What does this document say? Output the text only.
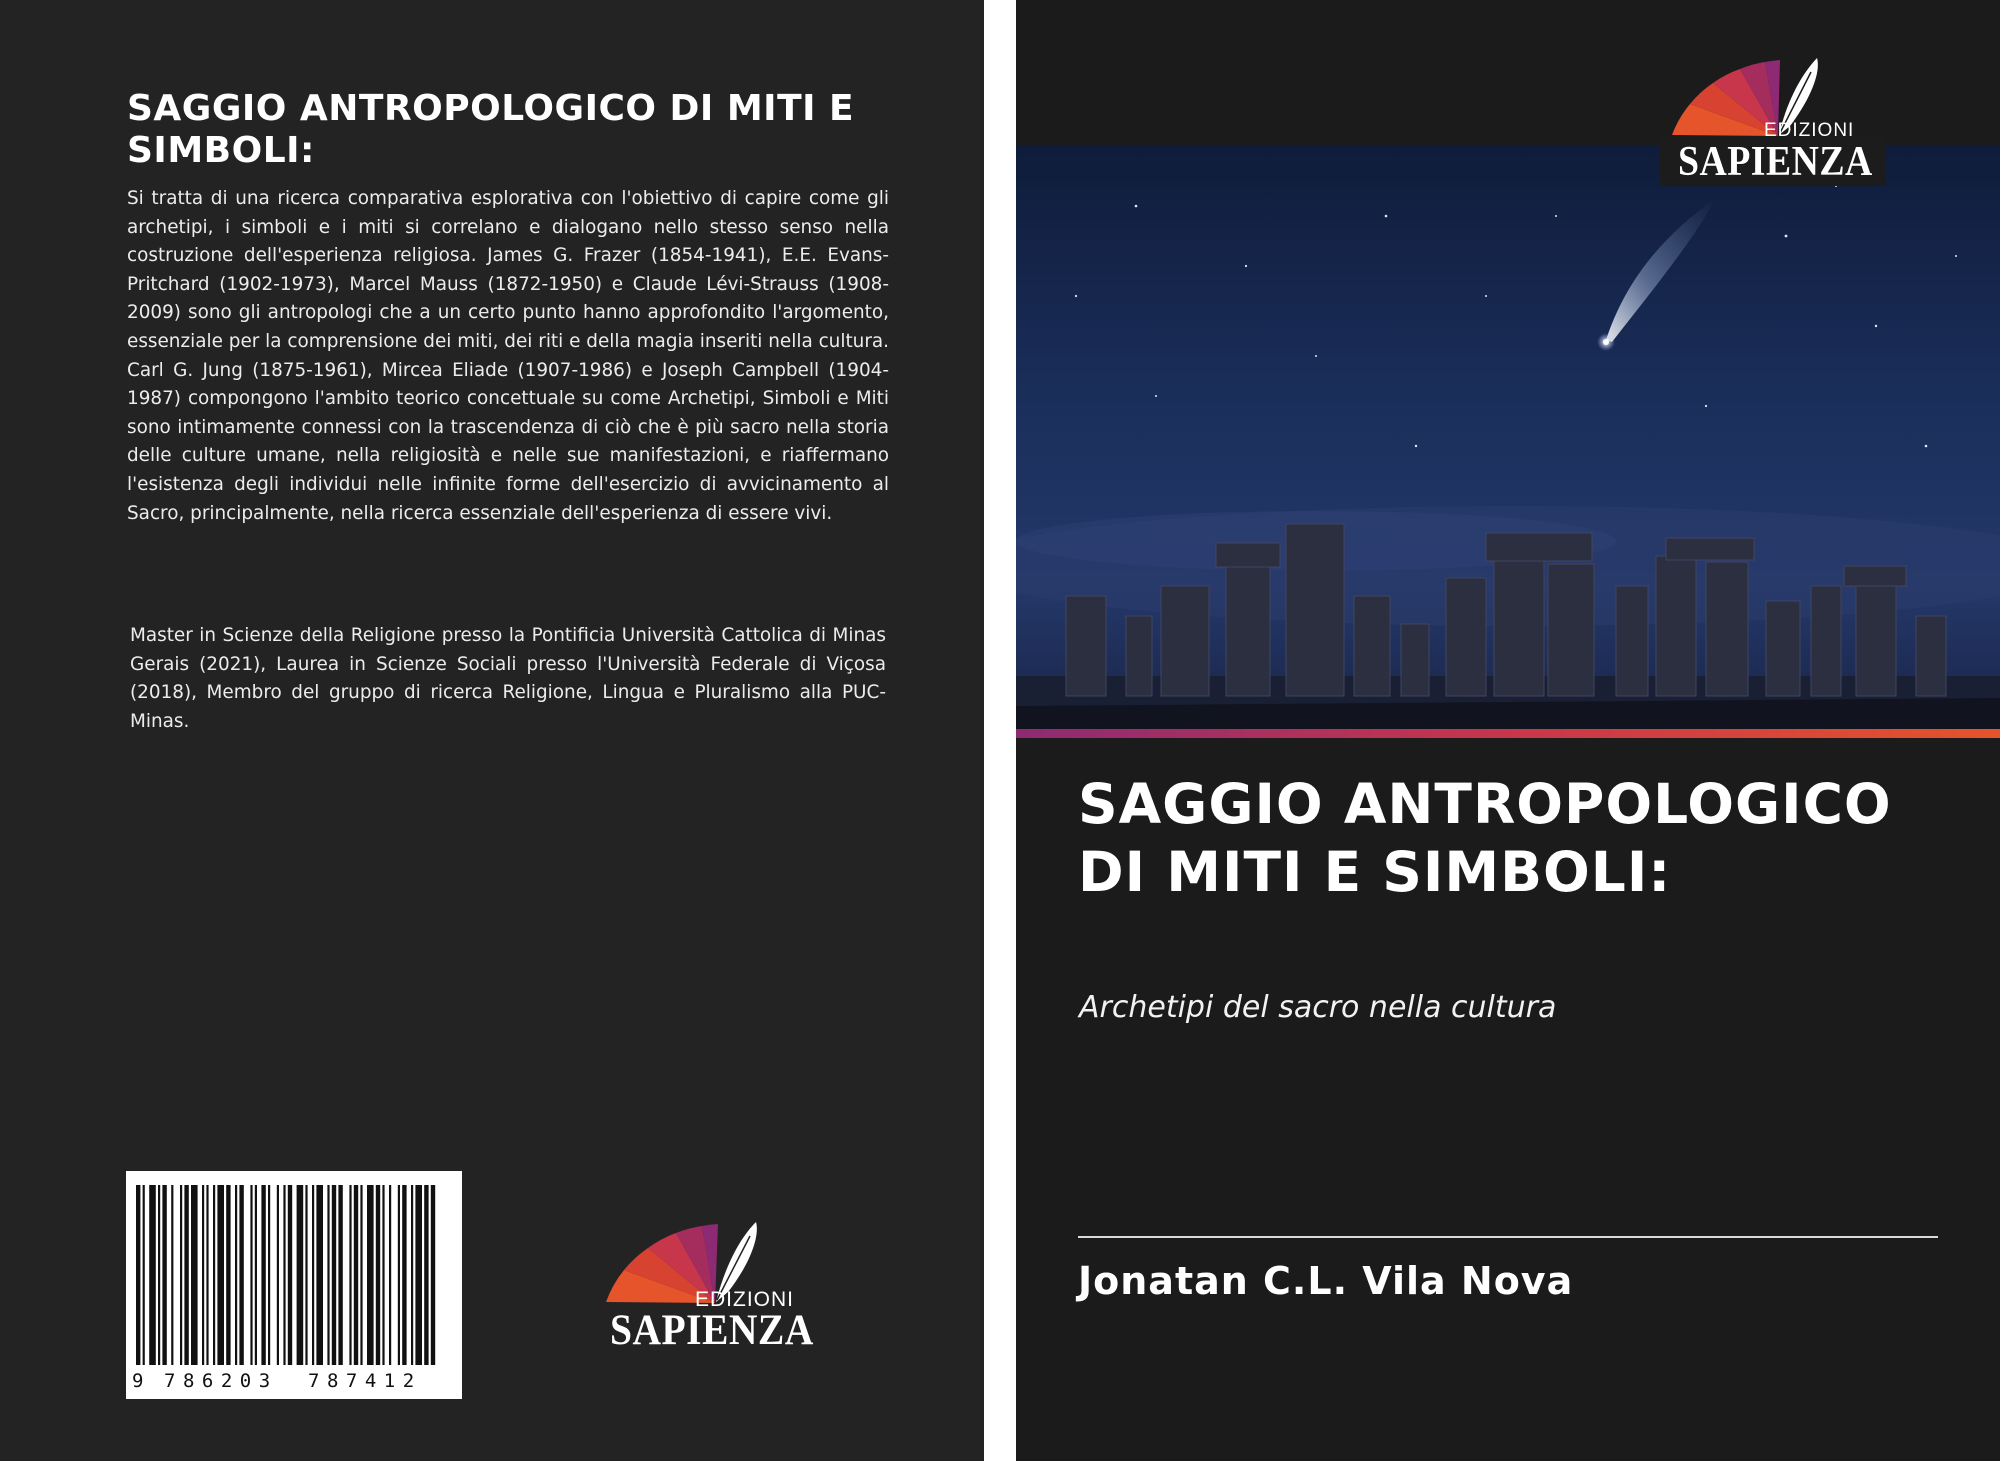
SAGGIO ANTROPOLOGICO DI MITI E SIMBOLI:

Si tratta di una ricerca comparativa esplorativa con l'obiettivo di capire come gli archetipi, i simboli e i miti si correlano e dialogano nello stesso senso nella costruzione dell'esperienza religiosa. James G. Frazer (1854-1941), E.E. Evans-Pritchard (1902-1973), Marcel Mauss (1872-1950) e Claude Lévi-Strauss (1908-2009) sono gli antropologi che a un certo punto hanno approfondito l'argomento, essenziale per la comprensione dei miti, dei riti e della magia inseriti nella cultura. Carl G. Jung (1875-1961), Mircea Eliade (1907-1986) e Joseph Campbell (1904-1987) compongono l'ambito teorico concettuale su come Archetipi, Simboli e Miti sono intimamente connessi con la trascendenza di ciò che è più sacro nella storia delle culture umane, nella religiosità e nelle sue manifestazioni, e riaffermano l'esistenza degli individui nelle infinite forme dell'esercizio di avvicinamento al Sacro, principalmente, nella ricerca essenziale dell'esperienza di essere vivi.

Master in Scienze della Religione presso la Pontificia Università Cattolica di Minas Gerais (2021), Laurea in Scienze Sociali presso l'Università Federale di Viçosa (2018), Membro del gruppo di ricerca Religione, Lingua e Pluralismo alla PUC-Minas.

9 786203 787412
EDIZIONI
SAPIENZA
EDIZIONI
SAPIENZA
SAGGIO ANTROPOLOGICO DI MITI E SIMBOLI:

Archetipi del sacro nella cultura

Jonatan C.L. Vila Nova
